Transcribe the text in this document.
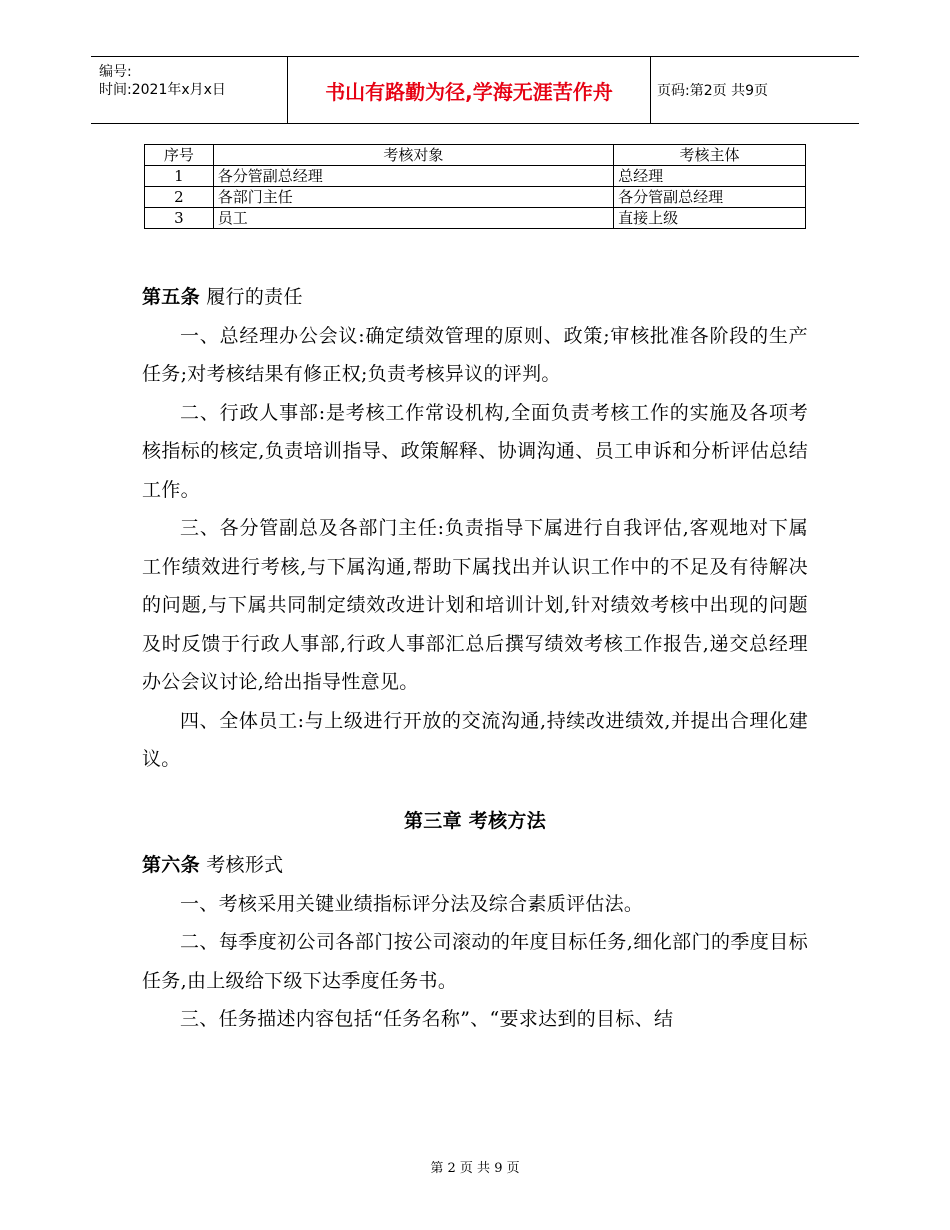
编号:
时间:2021年x月x日	书山有路勤为径,学海无涯苦作舟	页码:第2页 共9页
序号	考核对象	考核主体
1	各分管副总经理	总经理
2	各部门主任	各分管副总经理
3	员工	直接上级

第五条 履行的责任

一、总经理办公会议:确定绩效管理的原则、政策;审核批准各阶段的生产任务;对考核结果有修正权;负责考核异议的评判。

二、行政人事部:是考核工作常设机构,全面负责考核工作的实施及各项考核指标的核定,负责培训指导、政策解释、协调沟通、员工申诉和分析评估总结工作。

三、各分管副总及各部门主任:负责指导下属进行自我评估,客观地对下属工作绩效进行考核,与下属沟通,帮助下属找出并认识工作中的不足及有待解决的问题,与下属共同制定绩效改进计划和培训计划,针对绩效考核中出现的问题及时反馈于行政人事部,行政人事部汇总后撰写绩效考核工作报告,递交总经理办公会议讨论,给出指导性意见。

四、全体员工:与上级进行开放的交流沟通,持续改进绩效,并提出合理化建议。

第三章 考核方法

第六条 考核形式

一、考核采用关键业绩指标评分法及综合素质评估法。

二、每季度初公司各部门按公司滚动的年度目标任务,细化部门的季度目标任务,由上级给下级下达季度任务书。

三、任务描述内容包括“任务名称”、“要求达到的目标、结

第 2 页 共 9 页
